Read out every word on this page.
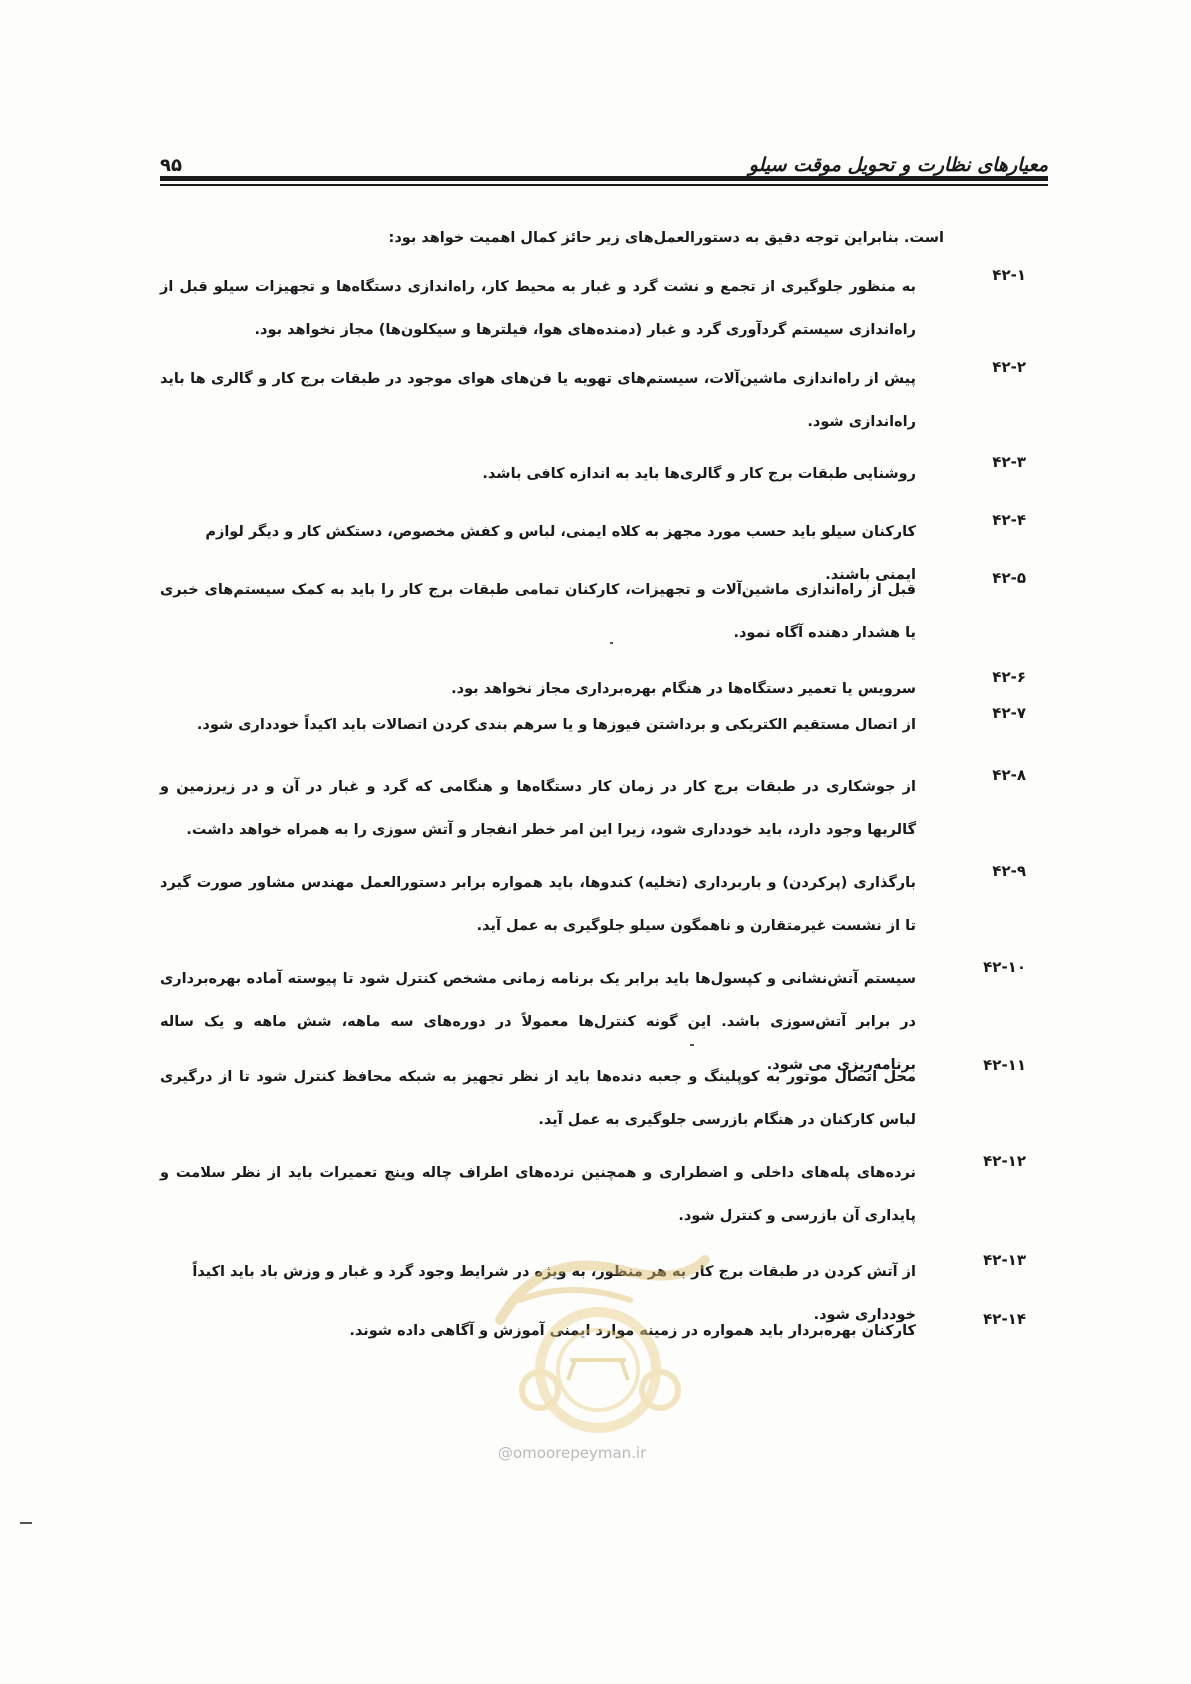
معیارهای نظارت و تحویل موقت سیلو
۹۵
است. بنابراین توجه دقیق به دستورالعمل‌های زیر حائز کمال اهمیت خواهد بود:
۴۲-۱
به منظور جلوگیری از تجمع و نشت گرد و غبار به محیط کار، راه‌اندازی دستگاه‌ها و تجهیزات سیلو قبل از راه‌اندازی سیستم گردآوری گرد و غبار (دمنده‌های هوا، فیلترها و سیکلون‌ها) مجاز نخواهد بود.
۴۲-۲
پیش از راه‌اندازی ماشین‌آلات، سیستم‌های تهویه یا فن‌های هوای موجود در طبقات برج کار و گالری ها باید راه‌اندازی شود.
۴۲-۳
روشنایی طبقات برج کار و گالری‌ها باید به اندازه کافی باشد.
۴۲-۴
کارکنان سیلو باید حسب مورد مجهز به کلاه ایمنی، لباس و کفش مخصوص، دستکش کار و دیگر لوازم ایمنی باشند.	۴۲-۵
قبل از راه‌اندازی ماشین‌آلات و تجهیزات، کارکنان تمامی طبقات برج کار را باید به کمک سیستم‌های خبری یا هشدار دهنده آگاه نمود.
۴۲-۶
سرویس یا تعمیر دستگاه‌ها در هنگام بهره‌برداری مجاز نخواهد بود.
۴۲-۷
از اتصال مستقیم الکتریکی و برداشتن فیوزها و یا سرهم بندی کردن اتصالات باید اکیداً خودداری شود.
۴۲-۸
از جوشکاری در طبقات برج کار در زمان کار دستگاه‌ها و هنگامی که گرد و غبار در آن و در زیرزمین و گالریها وجود دارد، باید خودداری شود، زیرا این امر خطر انفجار و آتش سوزی را به همراه خواهد داشت.
۴۲-۹
بارگذاری (پرکردن) و باربرداری (تخلیه) کندوها، باید همواره برابر دستورالعمل مهندس مشاور صورت گیرد تا از نشست غیرمتقارن و ناهمگون سیلو جلوگیری به عمل آید.
۴۲-۱۰
سیستم آتش‌نشانی و کپسول‌ها باید برابر یک برنامه زمانی مشخص کنترل شود تا پیوسته آماده بهره‌برداری در برابر آتش‌سوزی باشد. این گونه کنترل‌ها معمولاً در دوره‌های سه ماهه، شش ماهه و یک ساله برنامه‌ریزی می شود.	۴۲-۱۱
محل اتصال موتور به کوپلینگ و جعبه دنده‌ها باید از نظر تجهیز به شبکه محافظ کنترل شود تا از درگیری لباس کارکنان در هنگام بازرسی جلوگیری به عمل آید.
۴۲-۱۲
نرده‌های پله‌های داخلی و اضطراری و همچنین نرده‌های اطراف چاله وینچ تعمیرات باید از نظر سلامت و پایداری آن بازرسی و کنترل شود.
۴۲-۱۳
از آتش کردن در طبقات برج کار به هر منظور، به ویژه در شرایط وجود گرد و غبار و وزش باد باید اکیداً خودداری شود.	۴۲-۱۴
کارکنان بهره‌بردار باید همواره در زمینه موارد ایمنی آموزش و آگاهی داده شوند.
@omoorepeyman.ir
